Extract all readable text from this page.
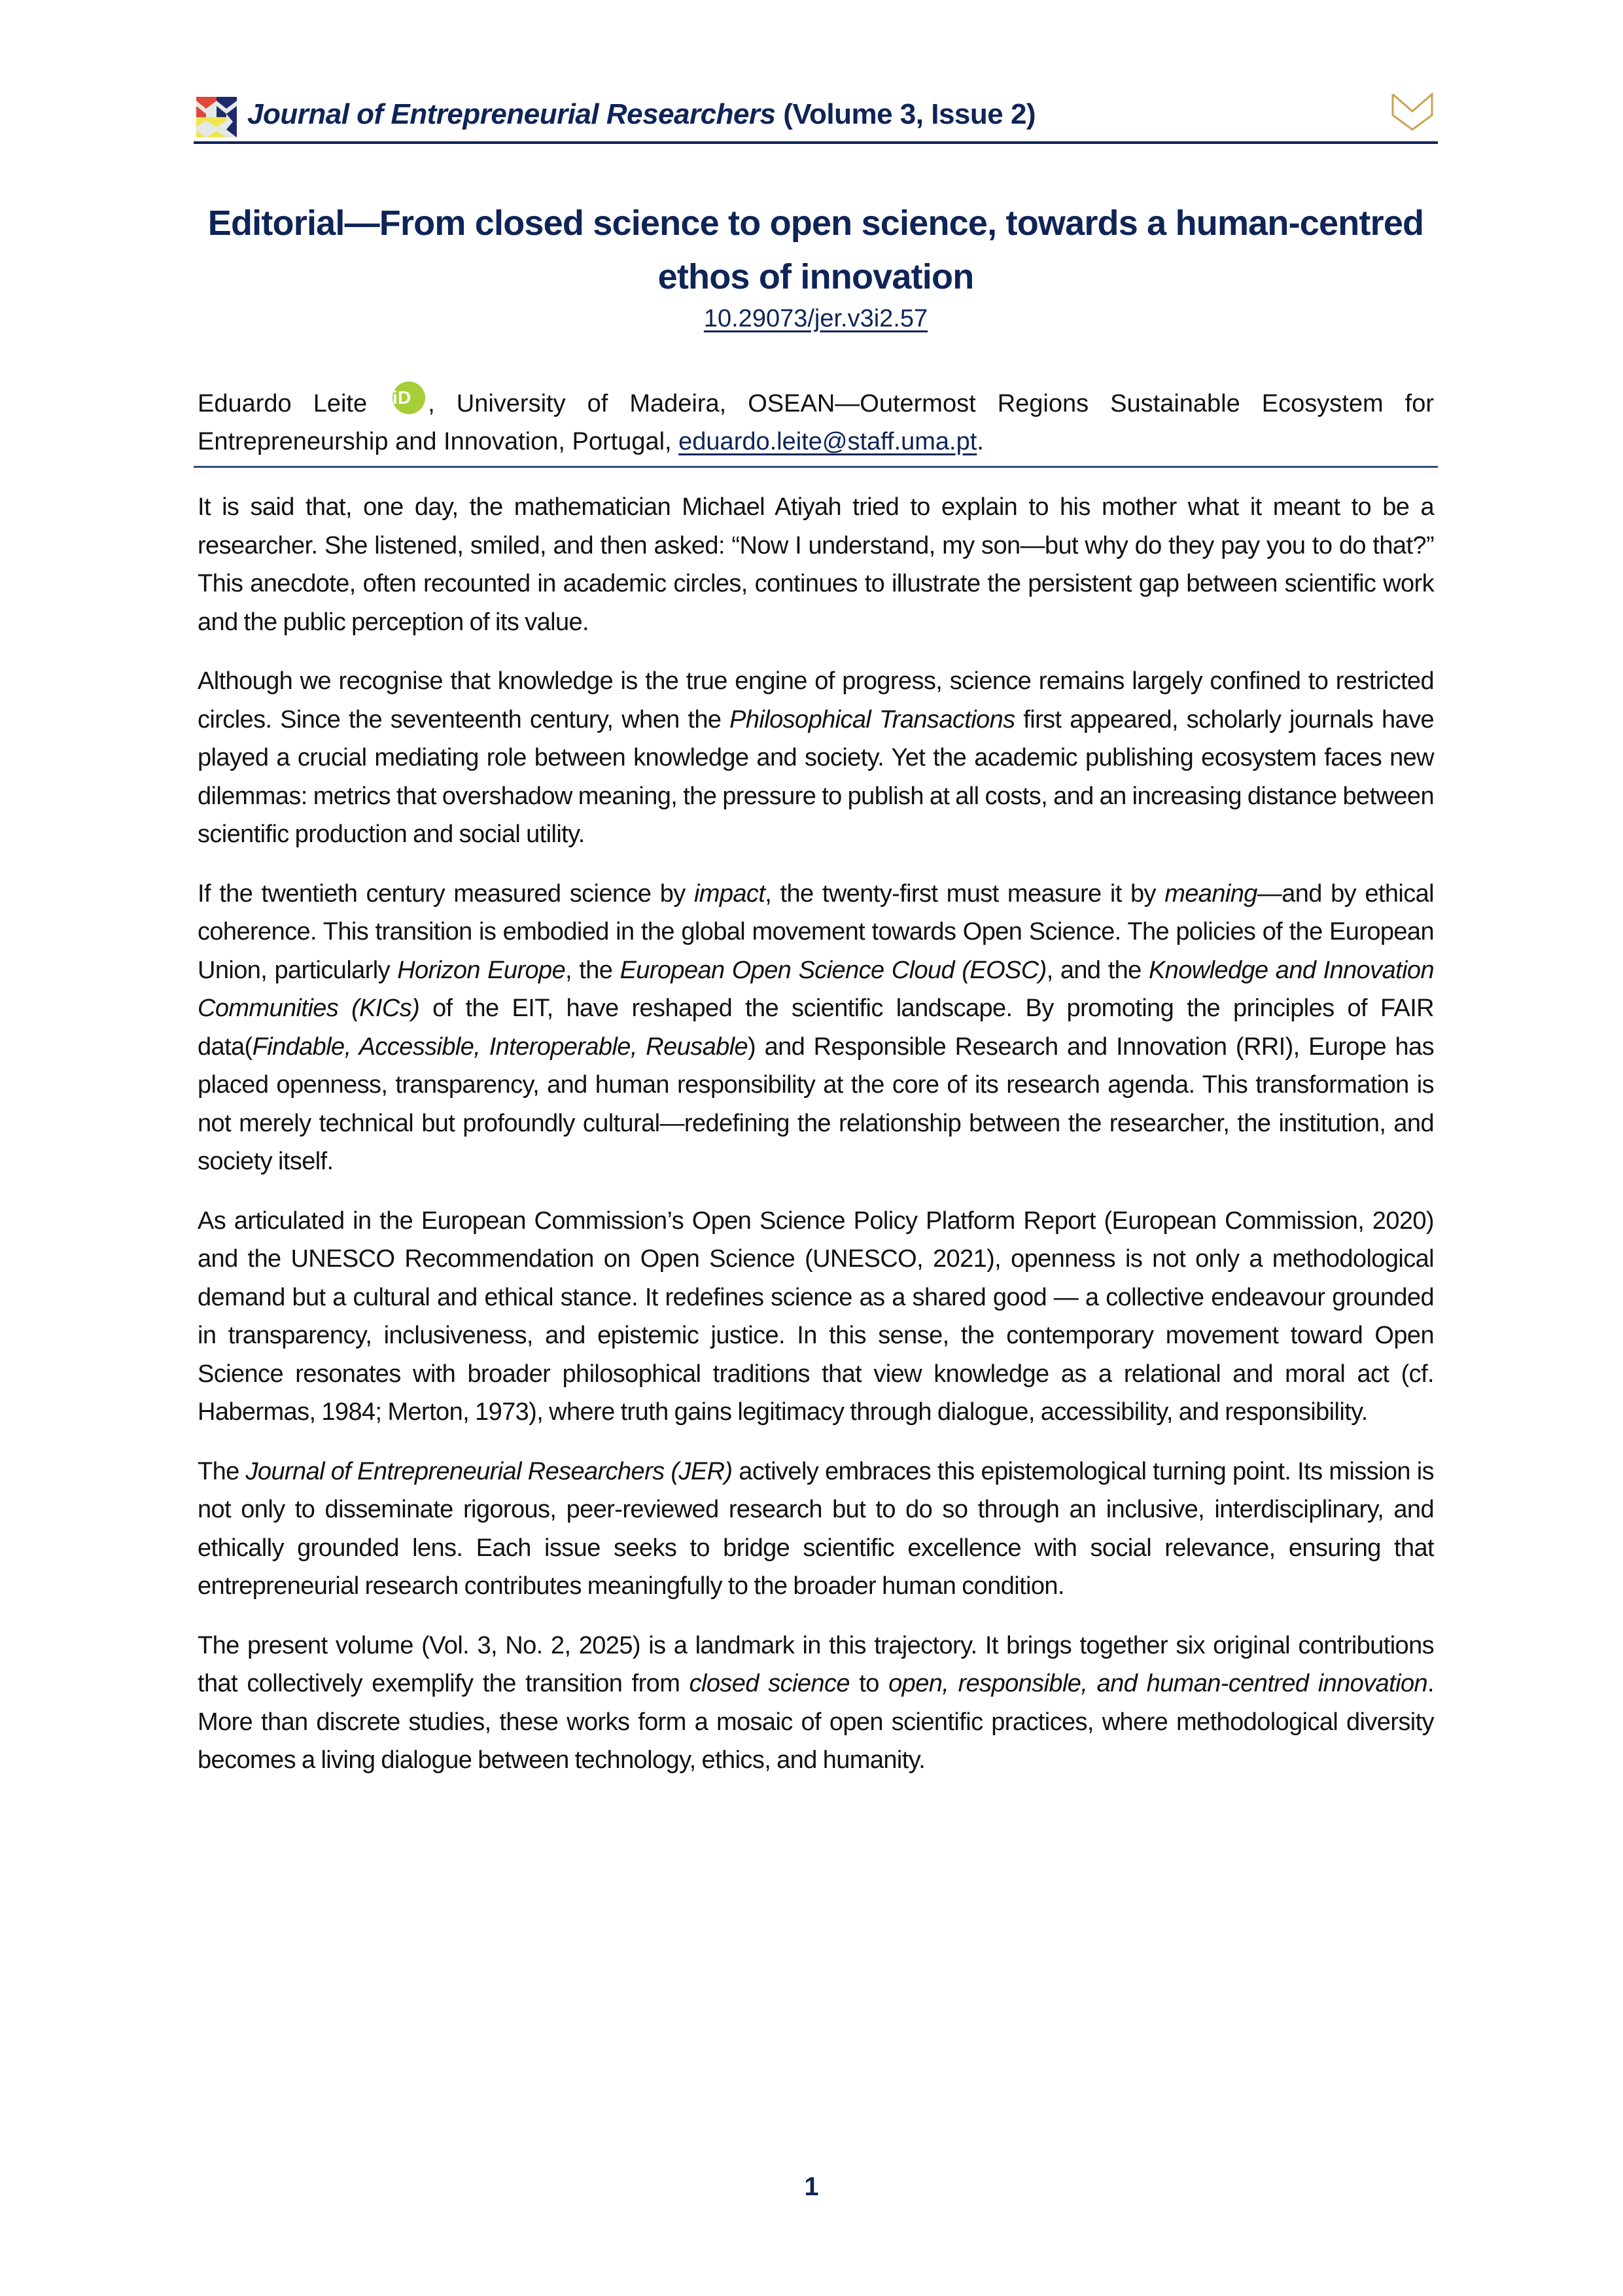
Journal of Entrepreneurial Researchers (Volume 3, Issue 2)
Editorial—From closed science to open science, towards a human-centred
ethos of innovation
10.29073/jer.v3i2.57
Eduardo Leite iD , University of Madeira, OSEAN—Outermost Regions Sustainable Ecosystem for Entrepreneurship and Innovation, Portugal, eduardo.leite@staff.uma.pt.

It is said that, one day, the mathematician Michael Atiyah tried to explain to his mother what it meant to be a researcher. She listened, smiled, and then asked: “Now I understand, my son—but why do they pay you to do that?” This anecdote, often recounted in academic circles, continues to illustrate the persistent gap between scientific work and the public perception of its value.

Although we recognise that knowledge is the true engine of progress, science remains largely confined to restricted circles. Since the seventeenth century, when the Philosophical Transactions first appeared, scholarly journals have played a crucial mediating role between knowledge and society. Yet the academic publishing ecosystem faces new dilemmas: metrics that overshadow meaning, the pressure to publish at all costs, and an increasing distance between scientific production and social utility.

If the twentieth century measured science by impact, the twenty-first must measure it by meaning—and by ethical coherence. This transition is embodied in the global movement towards Open Science. The policies of the European Union, particularly Horizon Europe, the European Open Science Cloud (EOSC), and the Knowledge and Innovation Communities (KICs) of the EIT, have reshaped the scientific landscape. By promoting the principles of FAIR data(Findable, Accessible, Interoperable, Reusable) and Responsible Research and Innovation (RRI), Europe has placed openness, transparency, and human responsibility at the core of its research agenda. This transformation is not merely technical but profoundly cultural—redefining the relationship between the researcher, the institution, and society itself.

As articulated in the European Commission’s Open Science Policy Platform Report (European Commission, 2020) and the UNESCO Recommendation on Open Science (UNESCO, 2021), openness is not only a methodological demand but a cultural and ethical stance. It redefines science as a shared good — a collective endeavour grounded in transparency, inclusiveness, and epistemic justice. In this sense, the contemporary movement toward Open Science resonates with broader philosophical traditions that view knowledge as a relational and moral act (cf. Habermas, 1984; Merton, 1973), where truth gains legitimacy through dialogue, accessibility, and responsibility.

The Journal of Entrepreneurial Researchers (JER) actively embraces this epistemological turning point. Its mission is not only to disseminate rigorous, peer-reviewed research but to do so through an inclusive, interdisciplinary, and ethically grounded lens. Each issue seeks to bridge scientific excellence with social relevance, ensuring that entrepreneurial research contributes meaningfully to the broader human condition.

The present volume (Vol. 3, No. 2, 2025) is a landmark in this trajectory. It brings together six original contributions that collectively exemplify the transition from closed science to open, responsible, and human-centred innovation. More than discrete studies, these works form a mosaic of open scientific practices, where methodological diversity becomes a living dialogue between technology, ethics, and humanity.

1
